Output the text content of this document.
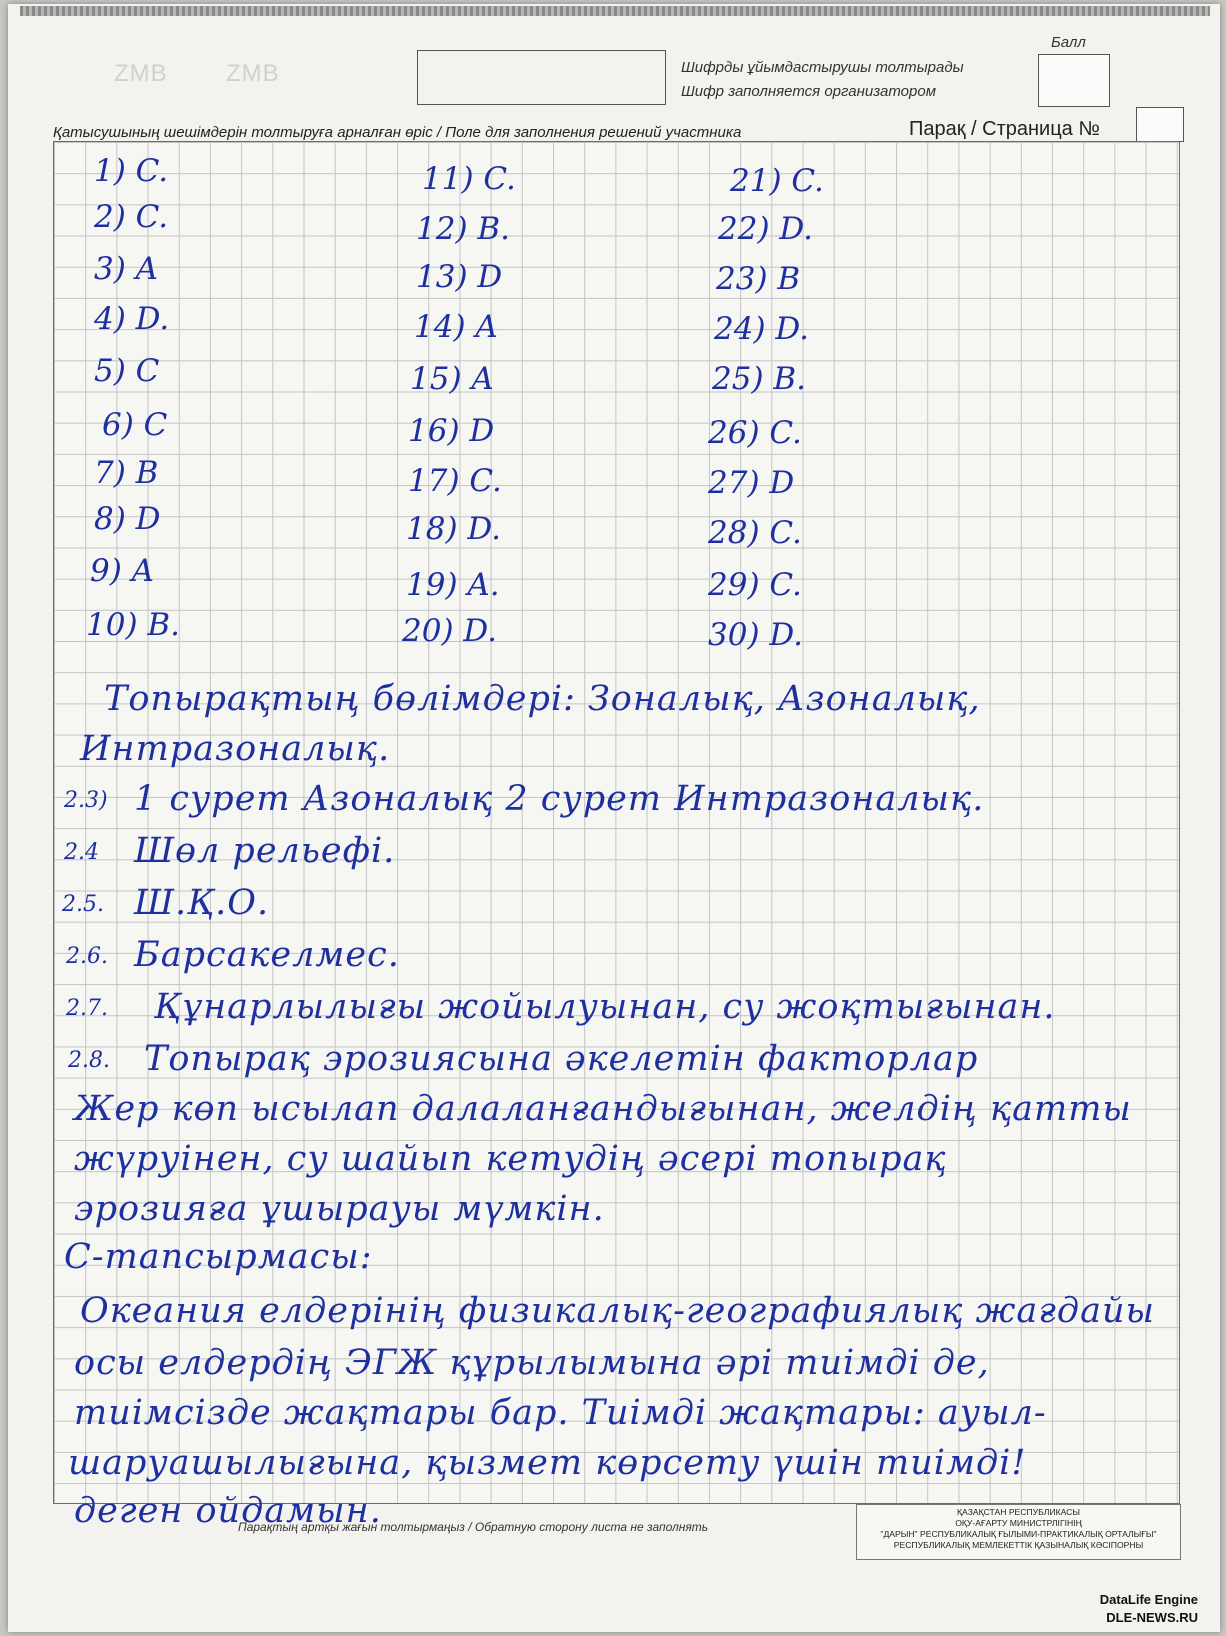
ZMB ZMB	Шифрды ұйымдастырушы толтырады
Шифр заполняется организатором
Балл
Қатысушының шешімдерін толтыруға арналған өріс / Поле для заполнения решений участника	Парақ / Страница №
1) C.
2) C.
3) A
4) D.
5) C
6) C
7) B
8) D
9) A
10) B.
11) C.
12) B.
13) D
14) A
15) A
16) D
17) C.
18) D.
19) A.
20) D.
21) C.
22) D.
23) B
24) D.
25) B.
26) C.
27) D
28) C.
29) C.
30) D.
Топырақтың бөлімдері: Зоналық, Азоналық,
Интразоналық.
2.3) 1 сурет Азоналық 2 сурет Интразоналық.
2.4 Шөл рельефі.
2.5. Ш.Қ.О.
2.6. Барсакелмес.
2.7. Құнарлылығы жойылуынан, су жоқтығынан.
2.8. Топырақ эрозиясына әкелетін факторлар
Жер көп ысылап далаланғандығынан, желдің қатты
жүруінен, су шайып кетудің әсері топырақ
эрозияға ұшырауы мүмкін.
С-тапсырмасы:
Океания елдерінің физикалық-географиялық жағдайы
осы елдердің ЭГЖ құрылымына әрі тиімді де,
тиімсізде жақтары бар. Тиімді жақтары: ауыл-
шаруашылығына, қызмет көрсету үшін тиімді!
деген ойдамын.
Парақтың артқы жағын толтырмаңыз / Обратную сторону листа не заполнять
ҚАЗАҚСТАН РЕСПУБЛИКАСЫ
ОҚУ-АҒАРТУ МИНИСТРЛІГІНІҢ
"ДАРЫН" РЕСПУБЛИКАЛЫҚ ҒЫЛЫМИ-ПРАКТИКАЛЫҚ ОРТАЛЫҒЫ"
РЕСПУБЛИКАЛЫҚ МЕМЛЕКЕТТІК ҚАЗЫНАЛЫҚ КӘСІПОРНЫ
DataLife Engine
DLE-NEWS.RU
